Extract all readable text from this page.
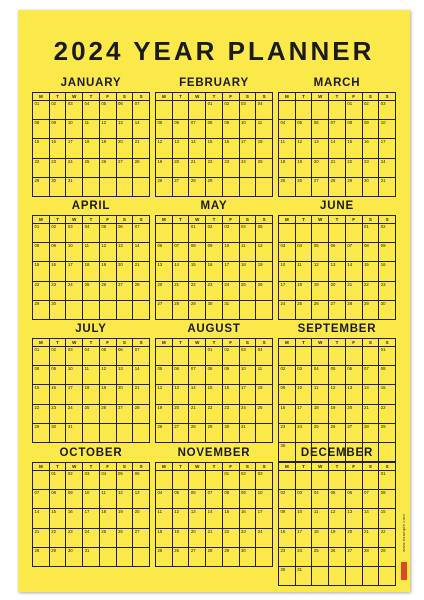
2024 YEAR PLANNER
JANUARY
M	T	W	T	F	S	S

01	02	03	04	05	06	07

08	09	10	11	12	13	14

15	16	17	18	19	20	21

22	23	24	25	26	27	28

29	30	31				

FEBRUARY
M	T	W	T	F	S	S

			01	02	03	04

05	06	07	08	09	10	11

12	13	14	15	16	17	18

19	20	21	22	23	24	25

26	27	28	29			

MARCH
M	T	W	T	F	S	S

				01	02	03

04	05	06	07	08	09	10

11	12	13	14	15	16	17

18	19	20	21	22	23	24

25	26	27	28	29	30	31
APRIL
M	T	W	T	F	S	S

01	02	03	04	05	06	07

08	09	10	11	12	13	14

15	16	17	18	19	20	21

22	23	24	25	26	27	28

29	30					

MAY
M	T	W	T	F	S	S

		01	02	03	04	05

06	07	08	09	10	11	12

13	14	15	16	17	18	19

20	21	22	23	24	25	26

27	28	29	30	31		

JUNE
M	T	W	T	F	S	S

					01	02

03	04	05	06	07	08	09

10	11	12	13	14	15	16

17	18	19	20	21	22	23

24	25	26	27	28	29	30
JULY
M	T	W	T	F	S	S

01	02	03	04	05	06	07

08	09	10	11	12	13	14

15	16	17	18	19	20	21

22	23	24	25	26	27	28

29	30	31				

AUGUST
M	T	W	T	F	S	S

			01	02	03	04

05	06	07	08	09	10	11

12	13	14	15	16	17	18

19	20	21	22	23	24	25

26	27	28	29	30	31	

SEPTEMBER
M	T	W	T	F	S	S

						01

02	03	04	05	06	07	08

09	10	11	12	13	14	15

16	17	18	19	20	21	22

23	24	25	26	27	28	29

30						

OCTOBER
M	T	W	T	F	S	S

	01	02	03	04	05	06

07	08	09	10	11	12	13

14	15	16	17	18	19	20

21	22	23	24	25	26	27

28	29	30	31			

NOVEMBER
M	T	W	T	F	S	S

				01	02	03

04	05	06	07	08	09	10

11	12	13	14	15	16	17

18	19	20	21	22	23	24

25	26	27	28	29	30	

DECEMBER
M	T	W	T	F	S	S

						01

02	03	04	05	06	07	08

09	10	11	12	13	14	15

16	17	18	19	20	21	22

23	24	25	26	27	28	29

30	31					

www.example.com
